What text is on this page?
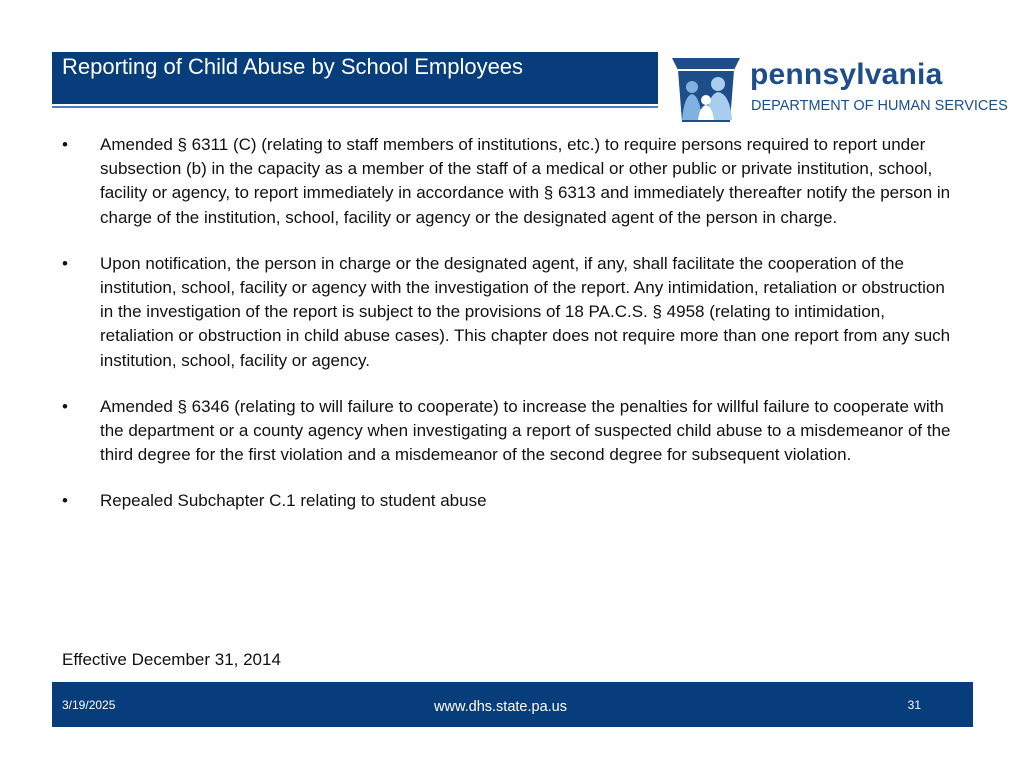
Reporting of Child Abuse by School Employees	pennsylvania
DEPARTMENT OF HUMAN SERVICES
• Amended § 6311 (C) (relating to staff members of institutions, etc.) to require persons required to report under subsection (b) in the capacity as a member of the staff of a medical or other public or private institution, school, facility or agency, to report immediately in accordance with § 6313 and immediately thereafter notify the person in charge of the institution, school, facility or agency or the designated agent of the person in charge.
• Upon notification, the person in charge or the designated agent, if any, shall facilitate the cooperation of the institution, school, facility or agency with the investigation of the report. Any intimidation, retaliation or obstruction in the investigation of the report is subject to the provisions of 18 PA.C.S. § 4958 (relating to intimidation, retaliation or obstruction in child abuse cases). This chapter does not require more than one report from any such institution, school, facility or agency.
• Amended § 6346 (relating to will failure to cooperate) to increase the penalties for willful failure to cooperate with the department or a county agency when investigating a report of suspected child abuse to a misdemeanor of the third degree for the first violation and a misdemeanor of the second degree for subsequent violation.
• Repealed Subchapter C.1 relating to student abuse
Effective December 31, 2014
3/19/2025	www.dhs.state.pa.us	31
